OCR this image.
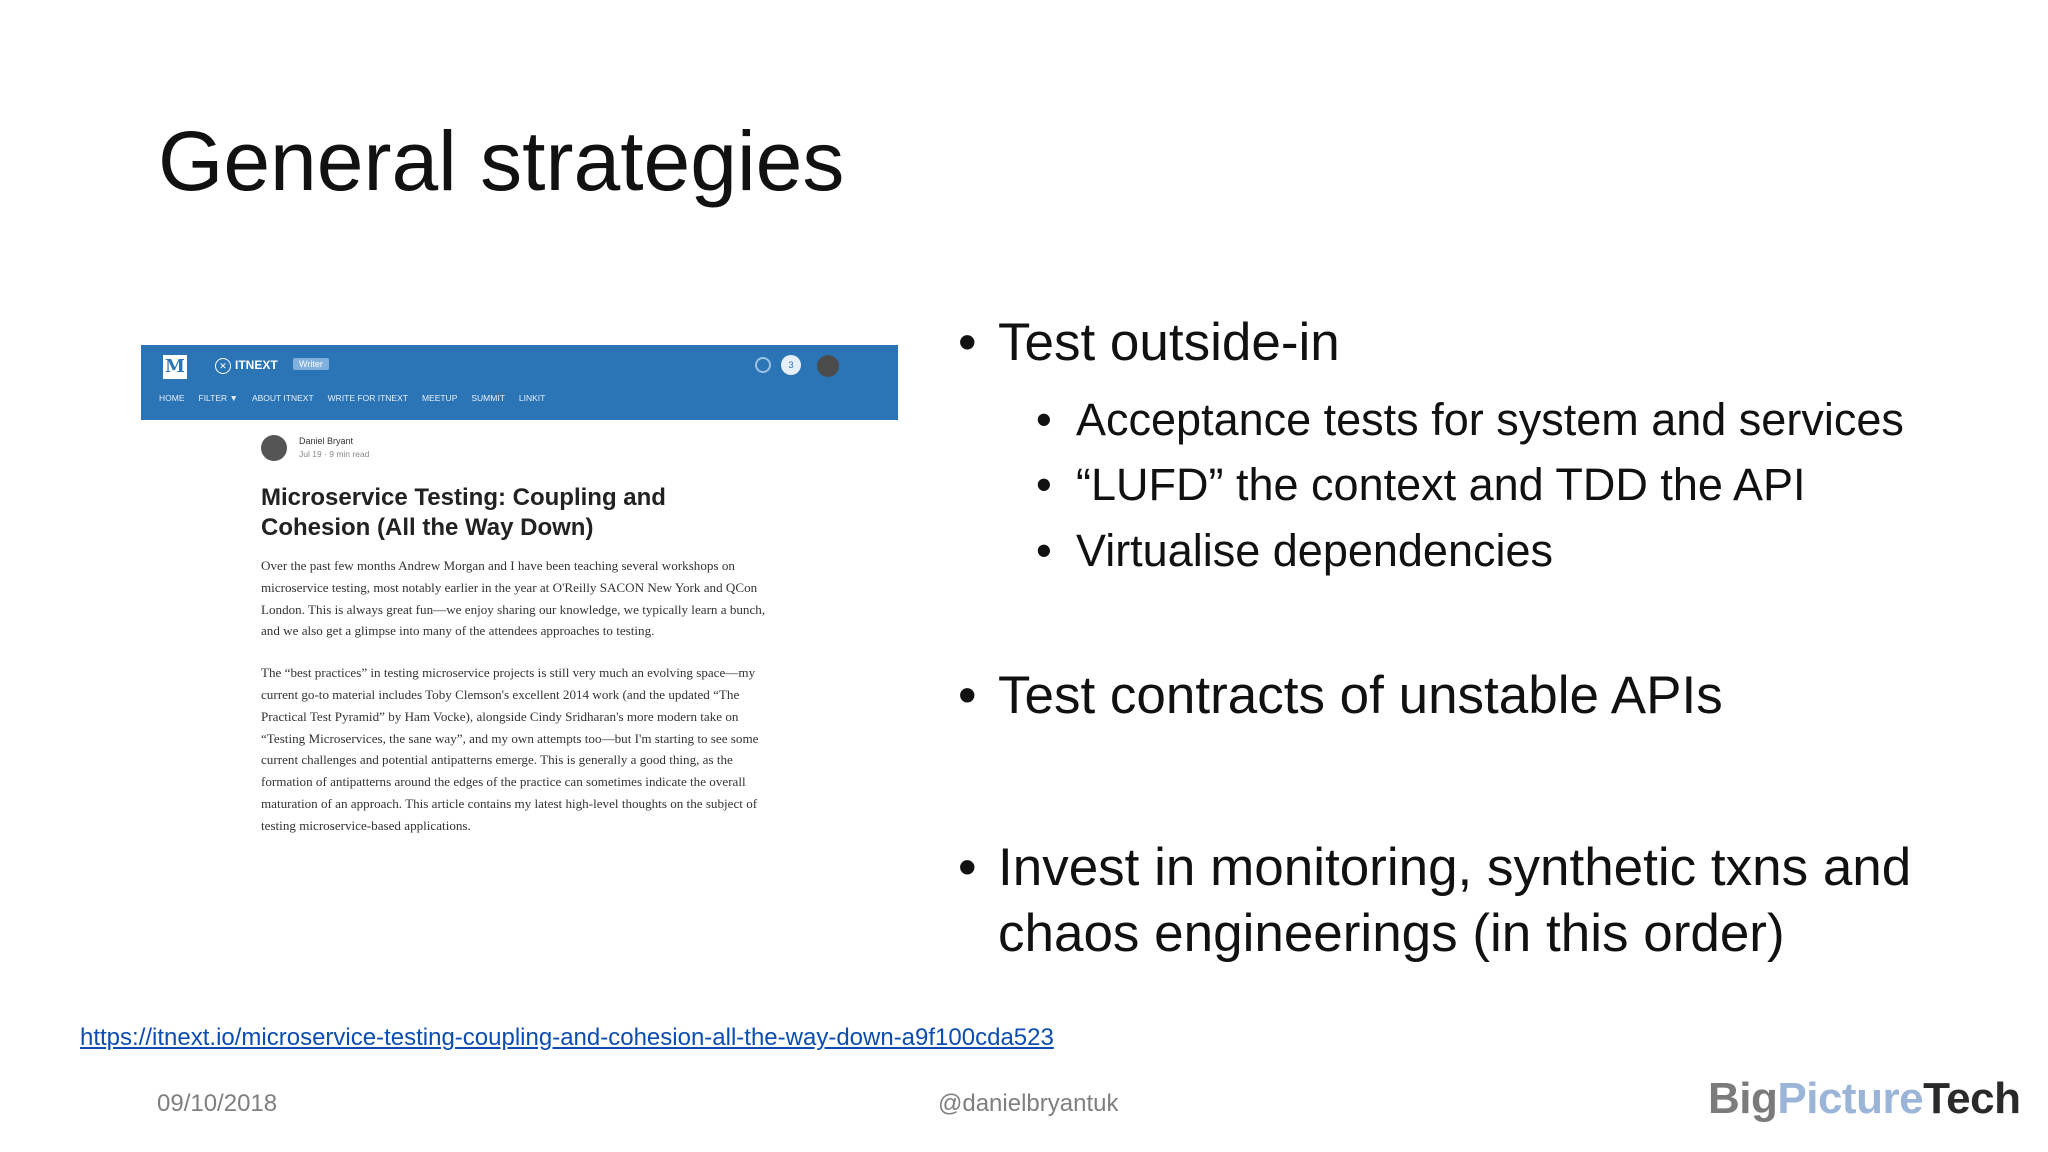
General strategies
M	✕ ITNEXT	Writer	3
HOME FILTER ▼ ABOUT ITNEXT WRITE FOR ITNEXT MEETUP SUMMIT LINKIT
Daniel Bryant
Jul 19 · 9 min read
Microservice Testing: Coupling and Cohesion (All the Way Down)
Over the past few months Andrew Morgan and I have been teaching several workshops on microservice testing, most notably earlier in the year at O'Reilly SACON New York and QCon London. This is always great fun—we enjoy sharing our knowledge, we typically learn a bunch, and we also get a glimpse into many of the attendees approaches to testing.
The “best practices” in testing microservice projects is still very much an evolving space—my current go-to material includes Toby Clemson's excellent 2014 work (and the updated “The Practical Test Pyramid” by Ham Vocke), alongside Cindy Sridharan's more modern take on “Testing Microservices, the sane way”, and my own attempts too—but I'm starting to see some current challenges and potential antipatterns emerge. This is generally a good thing, as the formation of antipatterns around the edges of the practice can sometimes indicate the overall maturation of an approach. This article contains my latest high-level thoughts on the subject of testing microservice-based applications.
• Test outside-in
• Acceptance tests for system and services
• “LUFD” the context and TDD the API
• Virtualise dependencies
• Test contracts of unstable APIs
• Invest in monitoring, synthetic txns and chaos engineerings (in this order)
https://itnext.io/microservice-testing-coupling-and-cohesion-all-the-way-down-a9f100cda523
09/10/2018	@danielbryantuk	BigPictureTech
